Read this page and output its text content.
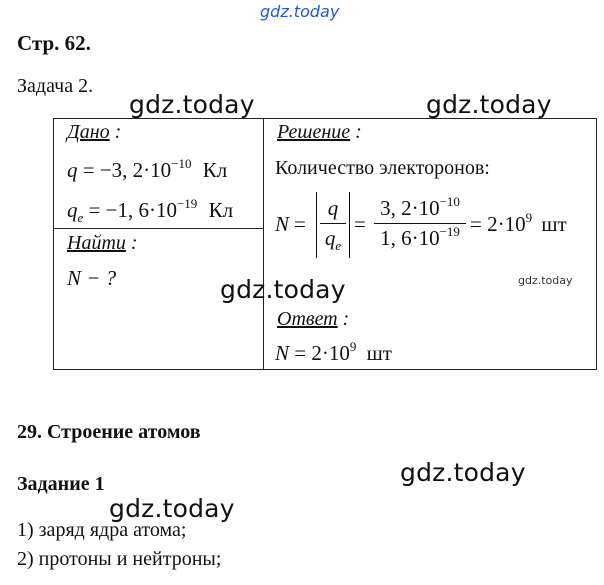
gdz.today
Стр. 62.
Задача 2.
gdz.today	gdz.today
Дано :
q = −3, $2\cdot 10^{-10}$ Кл
$q_e = -1$, $6\cdot 10^{-19}$ Кл
Найти :
N − ?
Решение :
Количество электоронов:
N =
q
$q_e$
=
3, $2\cdot 10^{-10}$
1, $6\cdot 10^{-19} = 2\cdot 10^9$ шт
gdz.today
gdz.today
Ответ :
$N = 2\cdot 10^9$ шт
29. Строение атомов
gdz.today
Задание 1
gdz.today
1) заряд ядра атома;
2) протоны и нейтроны;
